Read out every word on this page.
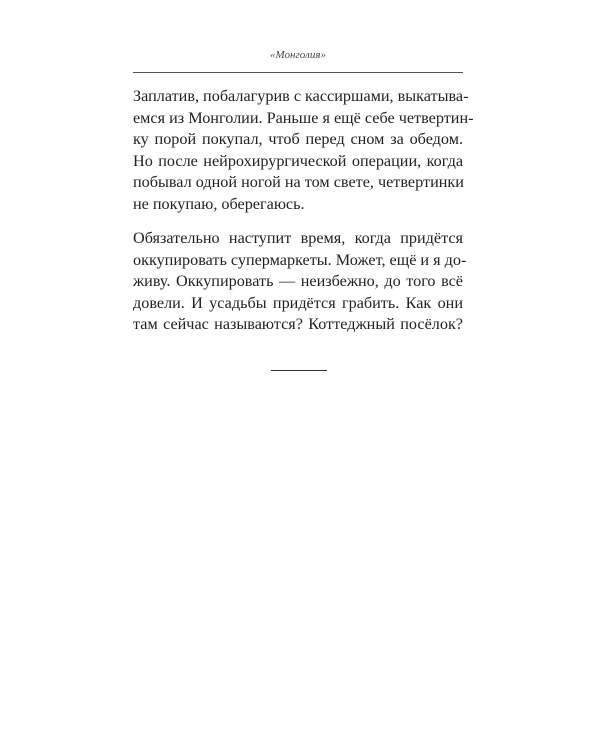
«Монголия»
Заплатив, побалагурив с кассиршами, выкатыва-
емся из Монголии. Раньше я ещё себе четвертин-
ку порой покупал, чтоб перед сном за обедом.
Но после нейрохирургической операции, когда
побывал одной ногой на том свете, четвертинки
не покупаю, оберегаюсь.
Обязательно наступит время, когда придётся
оккупировать супермаркеты. Может, ещё и я до-
живу. Оккупировать — неизбежно, до того всё
довели. И усадьбы придётся грабить. Как они
там сейчас называются? Коттеджный посёлок?
